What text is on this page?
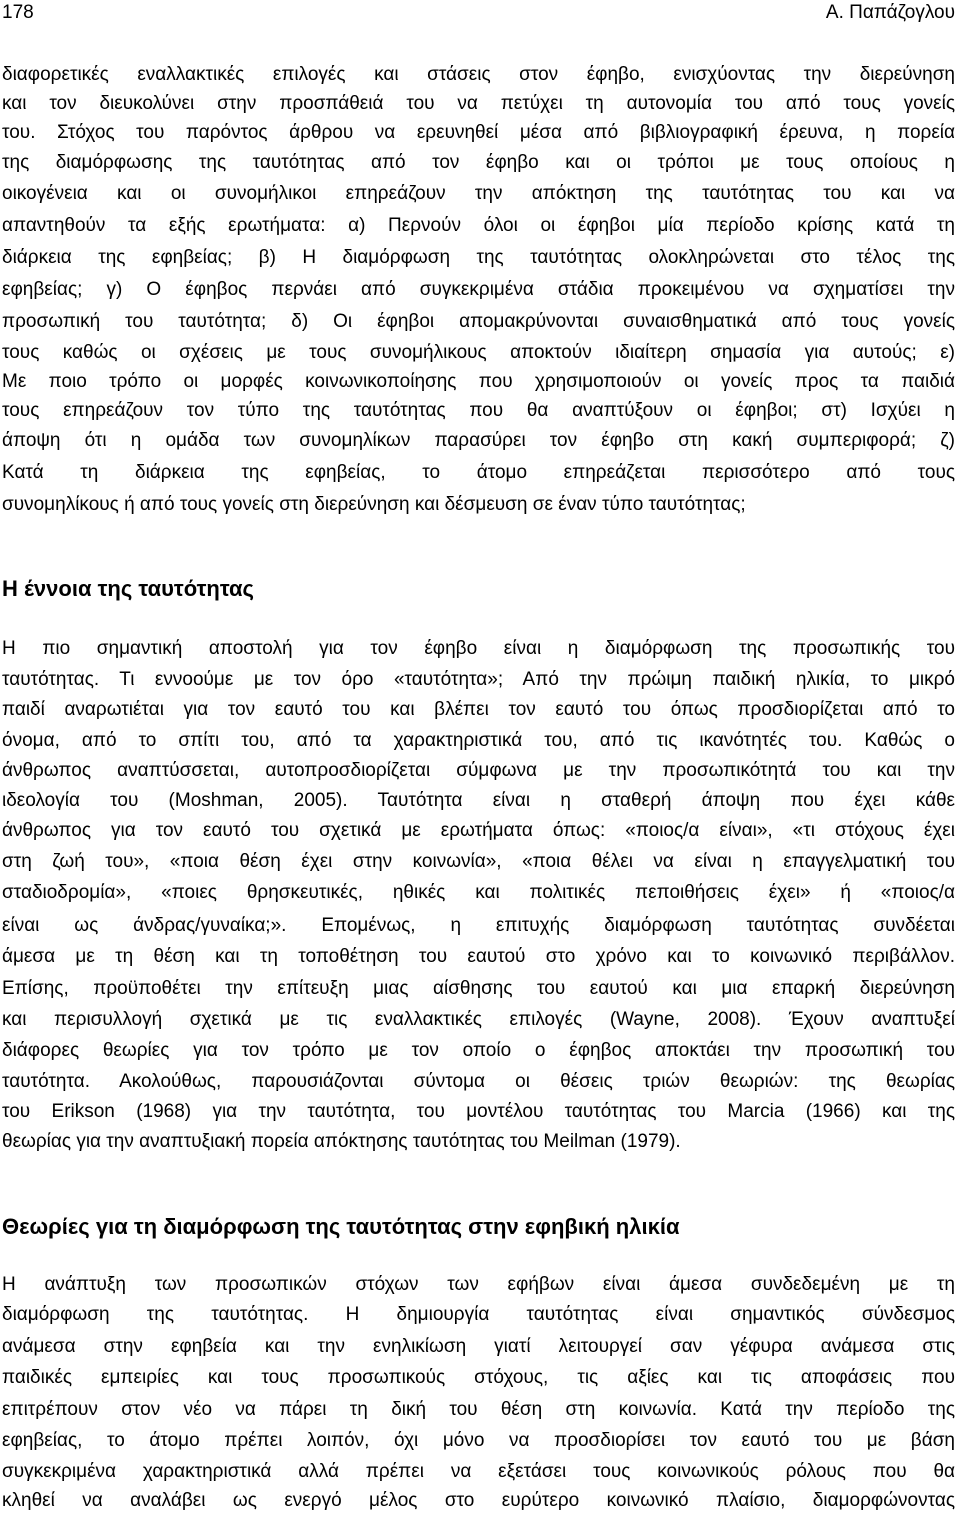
178	Α. Παπάζογλου
διαφορετικές εναλλακτικές επιλογές και στάσεις στον έφηβο, ενισχύοντας την διερεύνηση
και τον διευκολύνει στην προσπάθειά του να πετύχει τη αυτονομία του από τους γονείς
του. Στόχος του παρόντος άρθρου να ερευνηθεί μέσα από βιβλιογραφική έρευνα, η πορεία
της διαμόρφωσης της ταυτότητας από τον έφηβο και οι τρόποι με τους οποίους η
οικογένεια και οι συνομήλικοι επηρεάζουν την απόκτηση της ταυτότητας του και να
απαντηθούν τα εξής ερωτήματα: α) Περνούν όλοι οι έφηβοι μία περίοδο κρίσης κατά τη
διάρκεια της εφηβείας; β) Η διαμόρφωση της ταυτότητας ολοκληρώνεται στο τέλος της
εφηβείας; γ) Ο έφηβος περνάει από συγκεκριμένα στάδια προκειμένου να σχηματίσει την
προσωπική του ταυτότητα; δ) Οι έφηβοι απομακρύνονται συναισθηματικά από τους γονείς
τους καθώς οι σχέσεις με τους συνομήλικους αποκτούν ιδιαίτερη σημασία για αυτούς; ε)
Με ποιο τρόπο οι μορφές κοινωνικοποίησης που χρησιμοποιούν οι γονείς προς τα παιδιά
τους επηρεάζουν τον τύπο της ταυτότητας που θα αναπτύξουν οι έφηβοι; στ) Ισχύει η
άποψη ότι η ομάδα των συνομηλίκων παρασύρει τον έφηβο στη κακή συμπεριφορά; ζ)
Κατά τη διάρκεια της εφηβείας, το άτομο επηρεάζεται περισσότερο από τους
συνομηλίκους ή από τους γονείς στη διερεύνηση και δέσμευση σε έναν τύπο ταυτότητας;
Η έννοια της ταυτότητας
Η πιο σημαντική αποστολή για τον έφηβο είναι η διαμόρφωση της προσωπικής του
ταυτότητας. Τι εννοούμε με τον όρο «ταυτότητα»; Από την πρώιμη παιδική ηλικία, το μικρό
παιδί αναρωτιέται για τον εαυτό του και βλέπει τον εαυτό του όπως προσδιορίζεται από το
όνομα, από το σπίτι του, από τα χαρακτηριστικά του, από τις ικανότητές του. Καθώς ο
άνθρωπος αναπτύσσεται, αυτοπροσδιορίζεται σύμφωνα με την προσωπικότητά του και την
ιδεολογία του (Moshman, 2005). Ταυτότητα είναι η σταθερή άποψη που έχει κάθε
άνθρωπος για τον εαυτό του σχετικά με ερωτήματα όπως: «ποιος/α είναι», «τι στόχους έχει
στη ζωή του», «ποια θέση έχει στην κοινωνία», «ποια θέλει να είναι η επαγγελματική του
σταδιοδρομία», «ποιες θρησκευτικές, ηθικές και πολιτικές πεποιθήσεις έχει» ή «ποιος/α
είναι ως άνδρας/γυναίκα;». Επομένως, η επιτυχής διαμόρφωση ταυτότητας συνδέεται
άμεσα με τη θέση και τη τοποθέτηση του εαυτού στο χρόνο και το κοινωνικό περιβάλλον.
Επίσης, προϋποθέτει την επίτευξη μιας αίσθησης του εαυτού και μια επαρκή διερεύνηση
και περισυλλογή σχετικά με τις εναλλακτικές επιλογές (Wayne, 2008). Έχουν αναπτυξεί
διάφορες θεωρίες για τον τρόπο με τον οποίο ο έφηβος αποκτάει την προσωπική του
ταυτότητα. Ακολούθως, παρουσιάζονται σύντομα οι θέσεις τριών θεωριών: της θεωρίας
του Erikson (1968) για την ταυτότητα, του μοντέλου ταυτότητας του Marcia (1966) και της
θεωρίας για την αναπτυξιακή πορεία απόκτησης ταυτότητας του Meilman (1979).
Θεωρίες για τη διαμόρφωση της ταυτότητας στην εφηβική ηλικία
Η ανάπτυξη των προσωπικών στόχων των εφήβων είναι άμεσα συνδεδεμένη με τη
διαμόρφωση της ταυτότητας. Η δημιουργία ταυτότητας είναι σημαντικός σύνδεσμος
ανάμεσα στην εφηβεία και την ενηλικίωση γιατί λειτουργεί σαν γέφυρα ανάμεσα στις
παιδικές εμπειρίες και τους προσωπικούς στόχους, τις αξίες και τις αποφάσεις που
επιτρέπουν στον νέο να πάρει τη δική του θέση στη κοινωνία. Κατά την περίοδο της
εφηβείας, το άτομο πρέπει λοιπόν, όχι μόνο να προσδιορίσει τον εαυτό του με βάση
συγκεκριμένα χαρακτηριστικά αλλά πρέπει να εξετάσει τους κοινωνικούς ρόλους που θα
κληθεί να αναλάβει ως ενεργό μέλος στο ευρύτερο κοινωνικό πλαίσιο, διαμορφώνοντας
